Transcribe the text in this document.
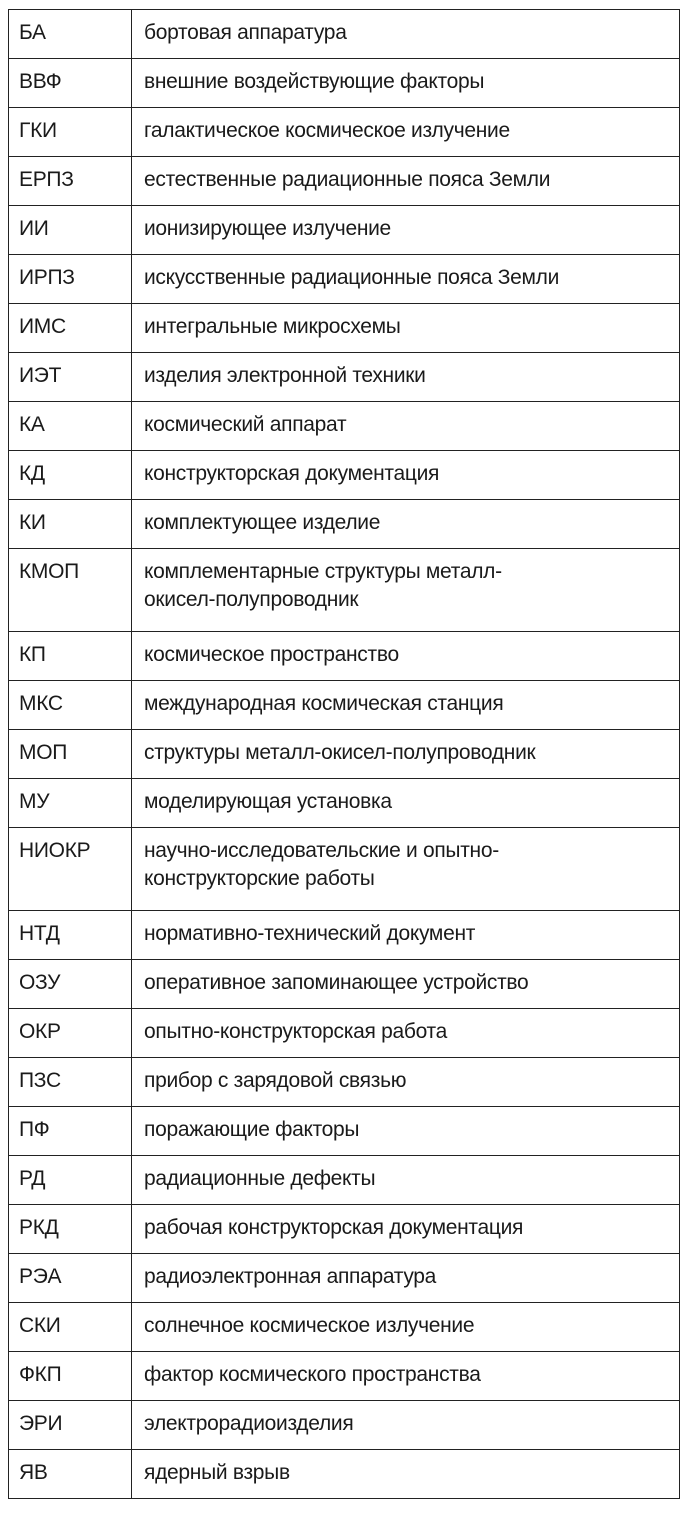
БА	бортовая аппаратура
ВВФ	внешние воздействующие факторы
ГКИ	галактическое космическое излучение
ЕРПЗ	естественные радиационные пояса Земли
ИИ	ионизирующее излучение
ИРПЗ	искусственные радиационные пояса Земли
ИМС	интегральные микросхемы
ИЭТ	изделия электронной техники
КА	космический аппарат
КД	конструкторская документация
КИ	комплектующее изделие
КМОП	комплементарные структуры металл-
окисел-полупроводник
КП	космическое пространство
МКС	международная космическая станция
МОП	структуры металл-окисел-полупроводник
МУ	моделирующая установка
НИОКР	научно-исследовательские и опытно-
конструкторские работы
НТД	нормативно-технический документ
ОЗУ	оперативное запоминающее устройство
ОКР	опытно-конструкторская работа
ПЗС	прибор с зарядовой связью
ПФ	поражающие факторы
РД	радиационные дефекты
РКД	рабочая конструкторская документация
РЭА	радиоэлектронная аппаратура
СКИ	солнечное космическое излучение
ФКП	фактор космического пространства
ЭРИ	электрорадиоизделия
ЯВ	ядерный взрыв
